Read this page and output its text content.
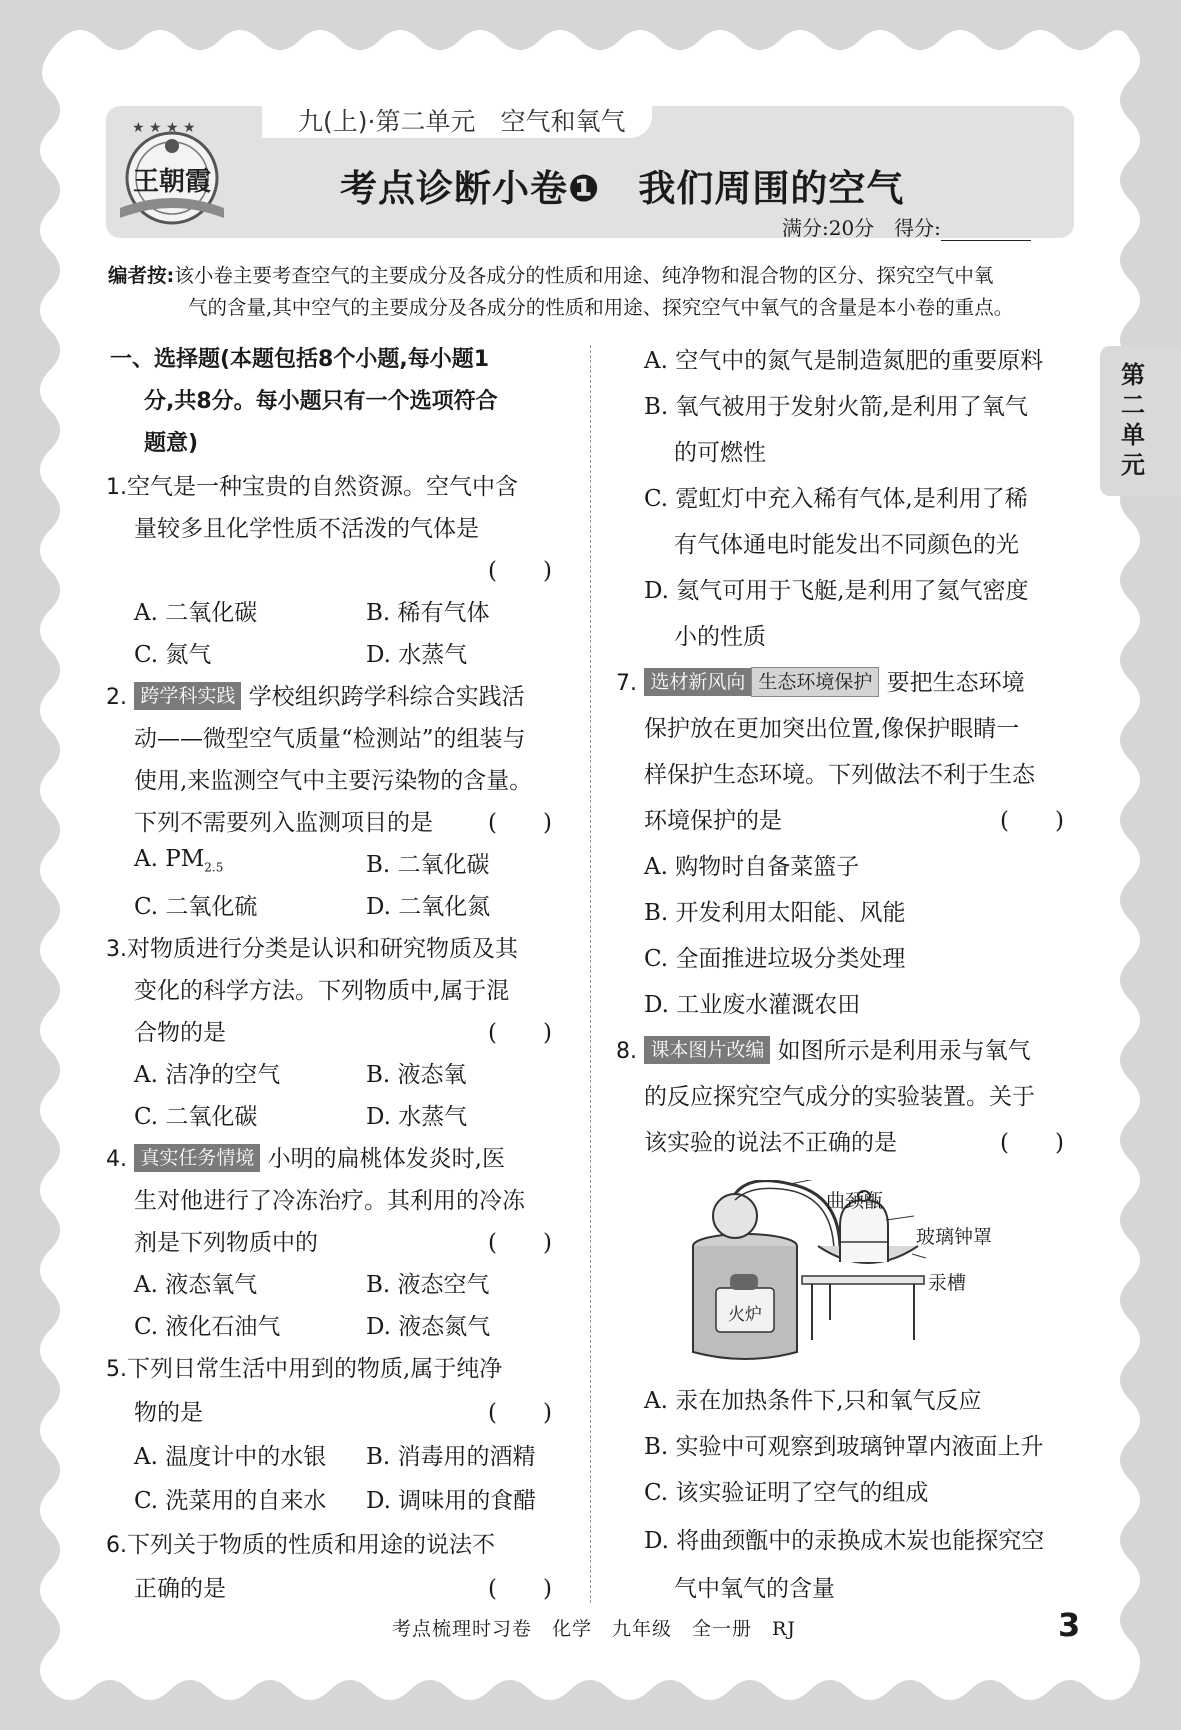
九(上)·第二单元　空气和氧气
★ ★ ★ ★
王朝霞	考点诊断小卷❶　我们周围的空气
满分:20分　得分:
编者按:该小卷主要考查空气的主要成分及各成分的性质和用途、纯净物和混合物的区分、探究空气中氧
气的含量,其中空气的主要成分及各成分的性质和用途、探究空气中氧气的含量是本小卷的重点。
第二单元
一、选择题(本题包括8个小题,每小题1
分,共8分。每小题只有一个选项符合
题意)
1.空气是一种宝贵的自然资源。空气中含
量较多且化学性质不活泼的气体是
(　　)
A. 二氧化碳	B. 稀有气体
C. 氮气	D. 水蒸气
2. 跨学科实践 学校组织跨学科综合实践活
动——微型空气质量“检测站”的组装与
使用,来监测空气中主要污染物的含量。
下列不需要列入监测项目的是 (　　)
A. $PM_{2.5}$	B. 二氧化碳
C. 二氧化硫	D. 二氧化氮
3.对物质进行分类是认识和研究物质及其
变化的科学方法。下列物质中,属于混
合物的是	(　　)
A. 洁净的空气	B. 液态氧
C. 二氧化碳	D. 水蒸气
4. 真实任务情境 小明的扁桃体发炎时,医
生对他进行了冷冻治疗。其利用的冷冻
剂是下列物质中的	(　　)
A. 液态氧气	B. 液态空气
C. 液化石油气	D. 液态氮气
5.下列日常生活中用到的物质,属于纯净
物的是	(　　)
A. 温度计中的水银 B. 消毒用的酒精
C. 洗菜用的自来水 D. 调味用的食醋
6.下列关于物质的性质和用途的说法不
正确的是	(　　)
A. 空气中的氮气是制造氮肥的重要原料
B. 氧气被用于发射火箭,是利用了氧气
的可燃性
C. 霓虹灯中充入稀有气体,是利用了稀
有气体通电时能发出不同颜色的光
D. 氦气可用于飞艇,是利用了氦气密度
小的性质
7. 选材新风向 生态环境保护 要把生态环境
保护放在更加突出位置,像保护眼睛一
样保护生态环境。下列做法不利于生态
环境保护的是	(　　)
A. 购物时自备菜篮子
B. 开发利用太阳能、风能
C. 全面推进垃圾分类处理
D. 工业废水灌溉农田
8. 课本图片改编 如图所示是利用汞与氧气
的反应探究空气成分的实验装置。关于
该实验的说法不正确的是	(　　)
火炉
曲颈甑
玻璃钟罩
汞槽
A. 汞在加热条件下,只和氧气反应
B. 实验中可观察到玻璃钟罩内液面上升
C. 该实验证明了空气的组成
D. 将曲颈甑中的汞换成木炭也能探究空
气中氧气的含量
考点梳理时习卷　化学　九年级　全一册　RJ	3
